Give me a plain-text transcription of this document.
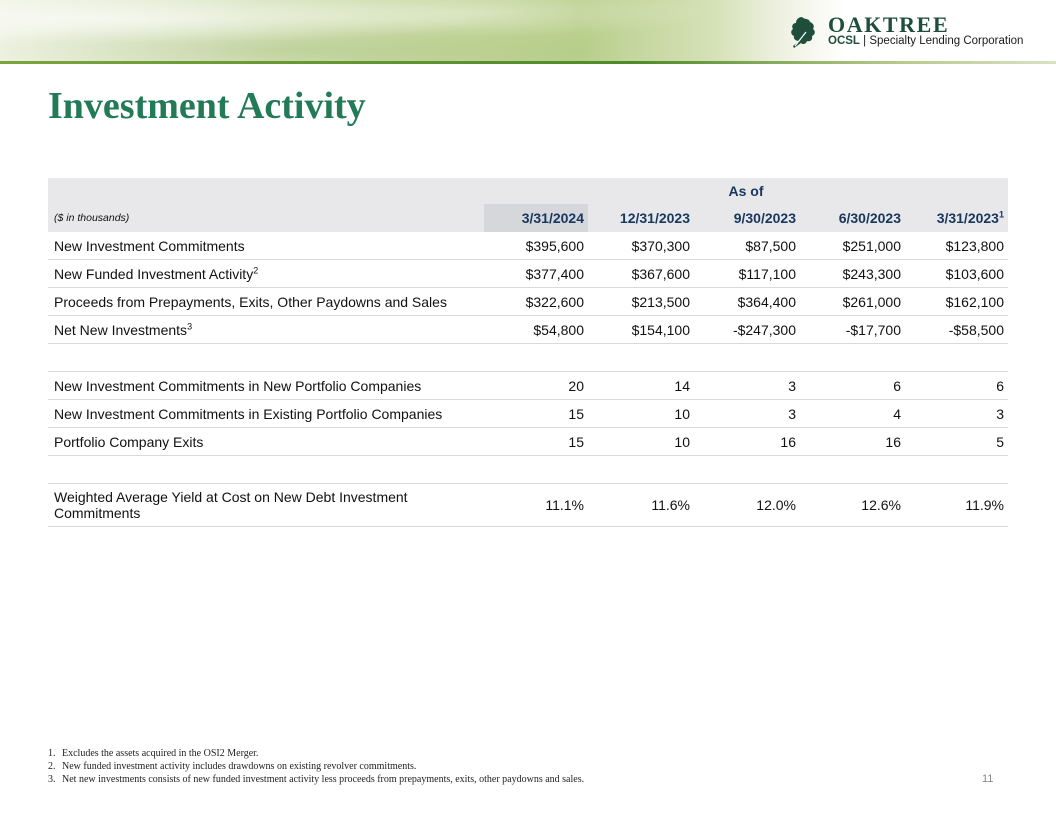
OAKTREE
OCSL | Specialty Lending Corporation
Investment Activity
	As of				
($ in thousands)	3/31/2024	12/31/2023	9/30/2023	6/30/2023	3/31/2023$^1$
New Investment Commitments	$395,600	$370,300	$87,500	$251,000	$123,800
New Funded Investment Activity$^2$	$377,400	$367,600	$117,100	$243,300	$103,600
Proceeds from Prepayments, Exits, Other Paydowns and Sales	$322,600	$213,500	$364,400	$261,000	$162,100
Net New Investments$^3$	$54,800	$154,100	-$247,300	-$17,700	-$58,500

New Investment Commitments in New Portfolio Companies	20	14	3	6	6
New Investment Commitments in Existing Portfolio Companies	15	10	3	4	3
Portfolio Company Exits	15	10	16	16	5

Weighted Average Yield at Cost on New Debt Investment Commitments	11.1%	11.6%	12.0%	12.6%	11.9%
1. Excludes the assets acquired in the OSI2 Merger.
2. New funded investment activity includes drawdowns on existing revolver commitments.
3. Net new investments consists of new funded investment activity less proceeds from prepayments, exits, other paydowns and sales.	11
